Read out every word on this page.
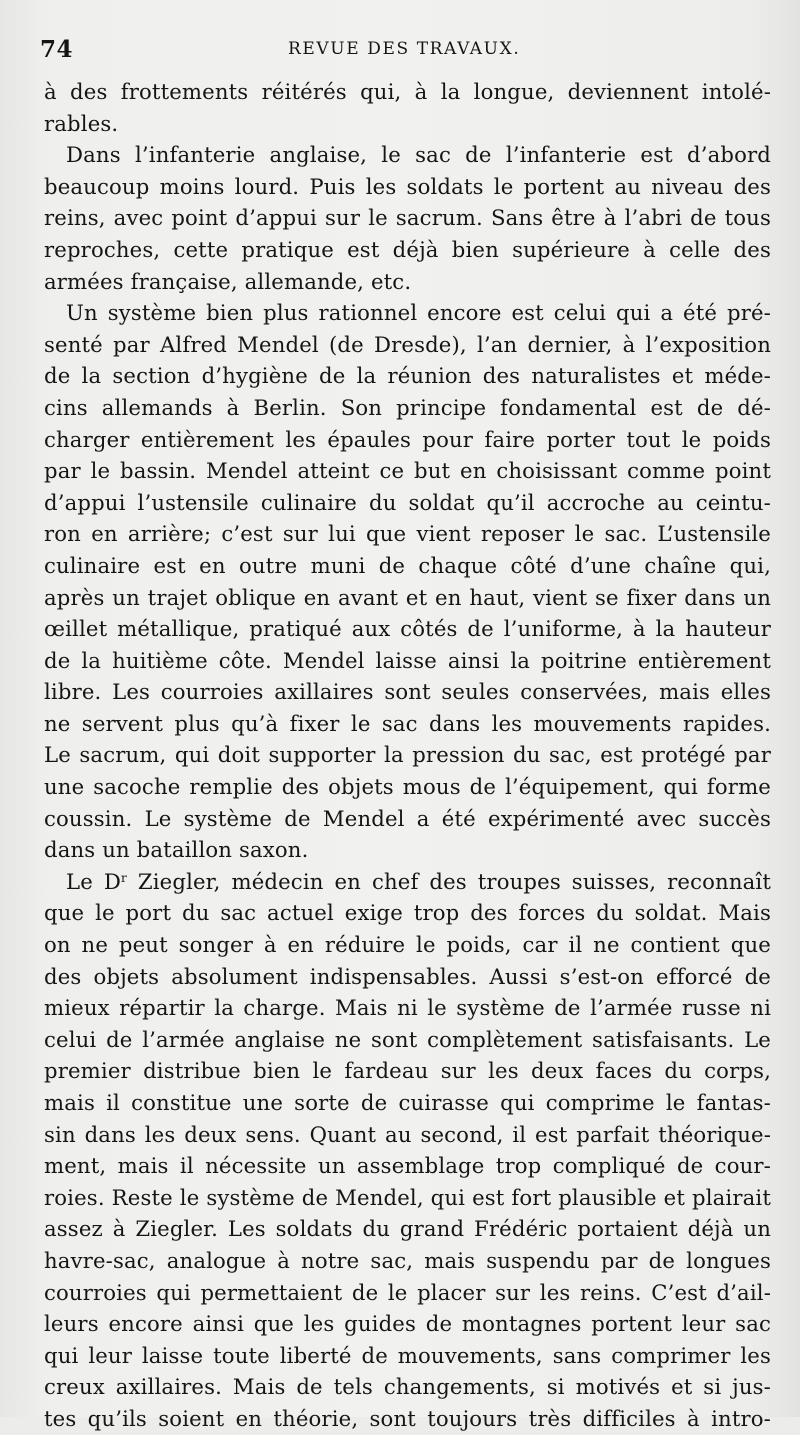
74	REVUE DES TRAVAUX.
à des frottements réitérés qui, à la longue, deviennent intolé-
rables.
Dans l’infanterie anglaise, le sac de l’infanterie est d’abord
beaucoup moins lourd. Puis les soldats le portent au niveau des
reins, avec point d’appui sur le sacrum. Sans être à l’abri de tous
reproches, cette pratique est déjà bien supérieure à celle des
armées française, allemande, etc.
Un système bien plus rationnel encore est celui qui a été pré-
senté par Alfred Mendel (de Dresde), l’an dernier, à l’exposition
de la section d’hygiène de la réunion des naturalistes et méde-
cins allemands à Berlin. Son principe fondamental est de dé-
charger entièrement les épaules pour faire porter tout le poids
par le bassin. Mendel atteint ce but en choisissant comme point
d’appui l’ustensile culinaire du soldat qu’il accroche au ceintu-
ron en arrière; c’est sur lui que vient reposer le sac. L’ustensile
culinaire est en outre muni de chaque côté d’une chaîne qui,
après un trajet oblique en avant et en haut, vient se fixer dans un
œillet métallique, pratiqué aux côtés de l’uniforme, à la hauteur
de la huitième côte. Mendel laisse ainsi la poitrine entièrement
libre. Les courroies axillaires sont seules conservées, mais elles
ne servent plus qu’à fixer le sac dans les mouvements rapides.
Le sacrum, qui doit supporter la pression du sac, est protégé par
une sacoche remplie des objets mous de l’équipement, qui forme
coussin. Le système de Mendel a été expérimenté avec succès
dans un bataillon saxon.
Le $D^r$ Ziegler, médecin en chef des troupes suisses, reconnaît
que le port du sac actuel exige trop des forces du soldat. Mais
on ne peut songer à en réduire le poids, car il ne contient que
des objets absolument indispensables. Aussi s’est-on efforcé de
mieux répartir la charge. Mais ni le système de l’armée russe ni
celui de l’armée anglaise ne sont complètement satisfaisants. Le
premier distribue bien le fardeau sur les deux faces du corps,
mais il constitue une sorte de cuirasse qui comprime le fantas-
sin dans les deux sens. Quant au second, il est parfait théorique-
ment, mais il nécessite un assemblage trop compliqué de cour-
roies. Reste le système de Mendel, qui est fort plausible et plairait
assez à Ziegler. Les soldats du grand Frédéric portaient déjà un
havre-sac, analogue à notre sac, mais suspendu par de longues
courroies qui permettaient de le placer sur les reins. C’est d’ail-
leurs encore ainsi que les guides de montagnes portent leur sac
qui leur laisse toute liberté de mouvements, sans comprimer les
creux axillaires. Mais de tels changements, si motivés et si jus-
tes qu’ils soient en théorie, sont toujours très difficiles à intro-
